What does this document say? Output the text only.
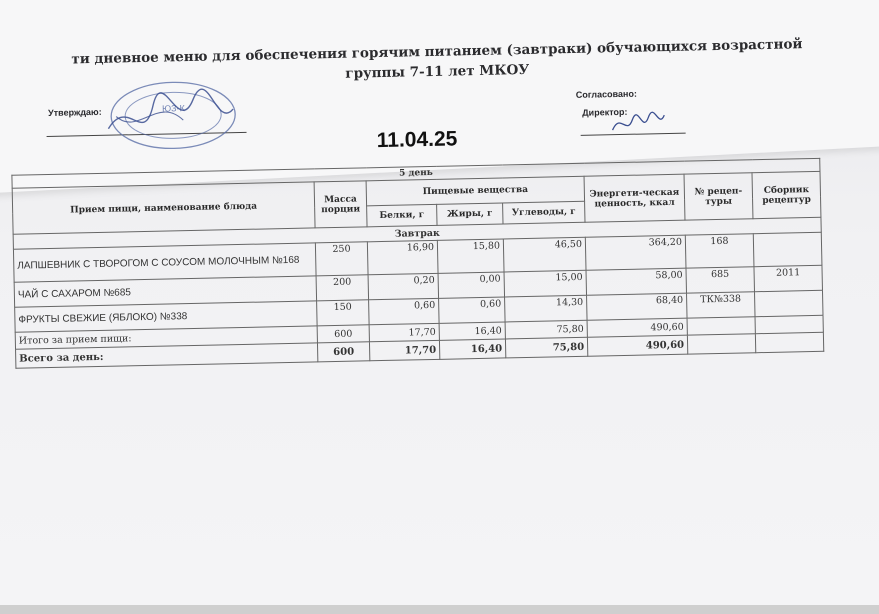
ти дневное меню для обеспечения горячим питанием (завтраки) обучающихся возрастной группы 7-11 лет МКОУ
Утверждаю:	ЮЗ-К
11.04.25
Согласовано:
Директор:
5 день							
Прием пищи, наименование блюда	Масса порции	Пищевые вещества			Энергети-ческая ценность, ккал	№ рецеп-туры	Сборник рецептур
		Белки, г	Жиры, г	Углеводы, г			
Завтрак							
ЛАПШЕВНИК С ТВОРОГОМ С СОУСОМ МОЛОЧНЫМ №168	250	16,90	15,80	46,50	364,20	168	
ЧАЙ С САХАРОМ №685	200	0,20	0,00	15,00	58,00	685	2011
ФРУКТЫ СВЕЖИЕ (ЯБЛОКО) №338	150	0,60	0,60	14,30	68,40	ТК№338	
Итого за прием пищи:	600	17,70	16,40	75,80	490,60		
Всего за день:	600	17,70	16,40	75,80	490,60		
